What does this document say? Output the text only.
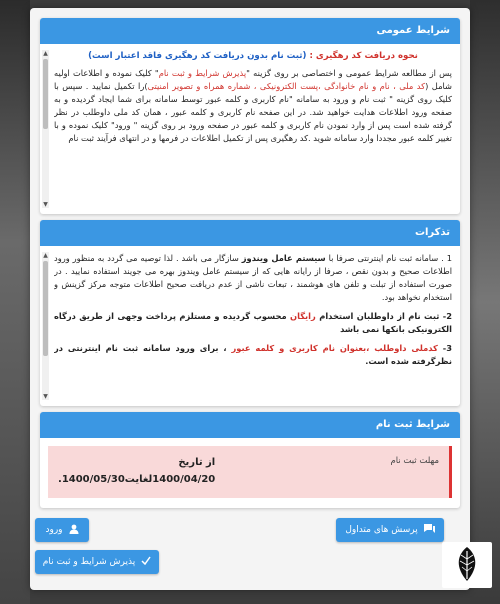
شرایط عمومی
نحوه دریافت کد رهگیری : (ثبت نام بدون دریافت کد رهگیری فاقد اعتبار است)

پس از مطالعه شرایط عمومی و اختصاصی بر روی گزینه "پذیرش شرایط و ثبت نام" کلیک نموده و اطلاعات اولیه شامل (کد ملی ، نام و نام خانوادگی ،پست الکترونیکی ، شماره همراه و تصویر امنیتی)را تکمیل نمایید . سپس با کلیک روی گزینه " ثبت نام و ورود به سامانه "نام کاربری و کلمه عبور توسط سامانه برای شما ایجاد گردیده و به صفحه ورود اطلاعات هدایت خواهید شد. در این صفحه نام کاربری و کلمه عبور ، همان کد ملی داوطلب در نظر گرفته شده است پس از وارد نمودن نام کاربری و کلمه عبور در صفحه ورود بر روی گزینه " ورود" کلیک نموده و با تغییر کلمه عبور مجددا وارد سامانه شوید .کد رهگیری پس از تکمیل اطلاعات در فرمها و در انتهای فرآیند ثبت نام

▲
▼
تذکرات

1 . سامانه ثبت نام اینترنتی صرفا با سیستم عامل ویندوز سازگار می باشد . لذا توصیه می گردد به منظور ورود اطلاعات صحیح و بدون نقص ، صرفا از رایانه هایی که از سیستم عامل ویندوز بهره می جویند استفاده نمایید . در صورت استفاده از تبلت و تلفن های هوشمند ، تبعات ناشی از عدم دریافت صحیح اطلاعات متوجه مرکز گزینش و استخدام نخواهد بود.

2- ثبت نام از داوطلبان استخدام رایگان محسوب گردیده و مستلزم پرداخت وجهی از طریق درگاه الکترونیکی بانکها نمی باشد

3- کدملی داوطلب ،بعنوان نام کاربری و کلمه عبور ، برای ورود سامانه ثبت نام اینترنتی در نظرگرفته شده است.

▲
▼
شرایط ثبت نام
مهلت ثبت نام
از تاریخ
1400/04/20لغایت1400/05/30.
پرسش های متداول
ورود
پذیرش شرایط و ثبت نام
